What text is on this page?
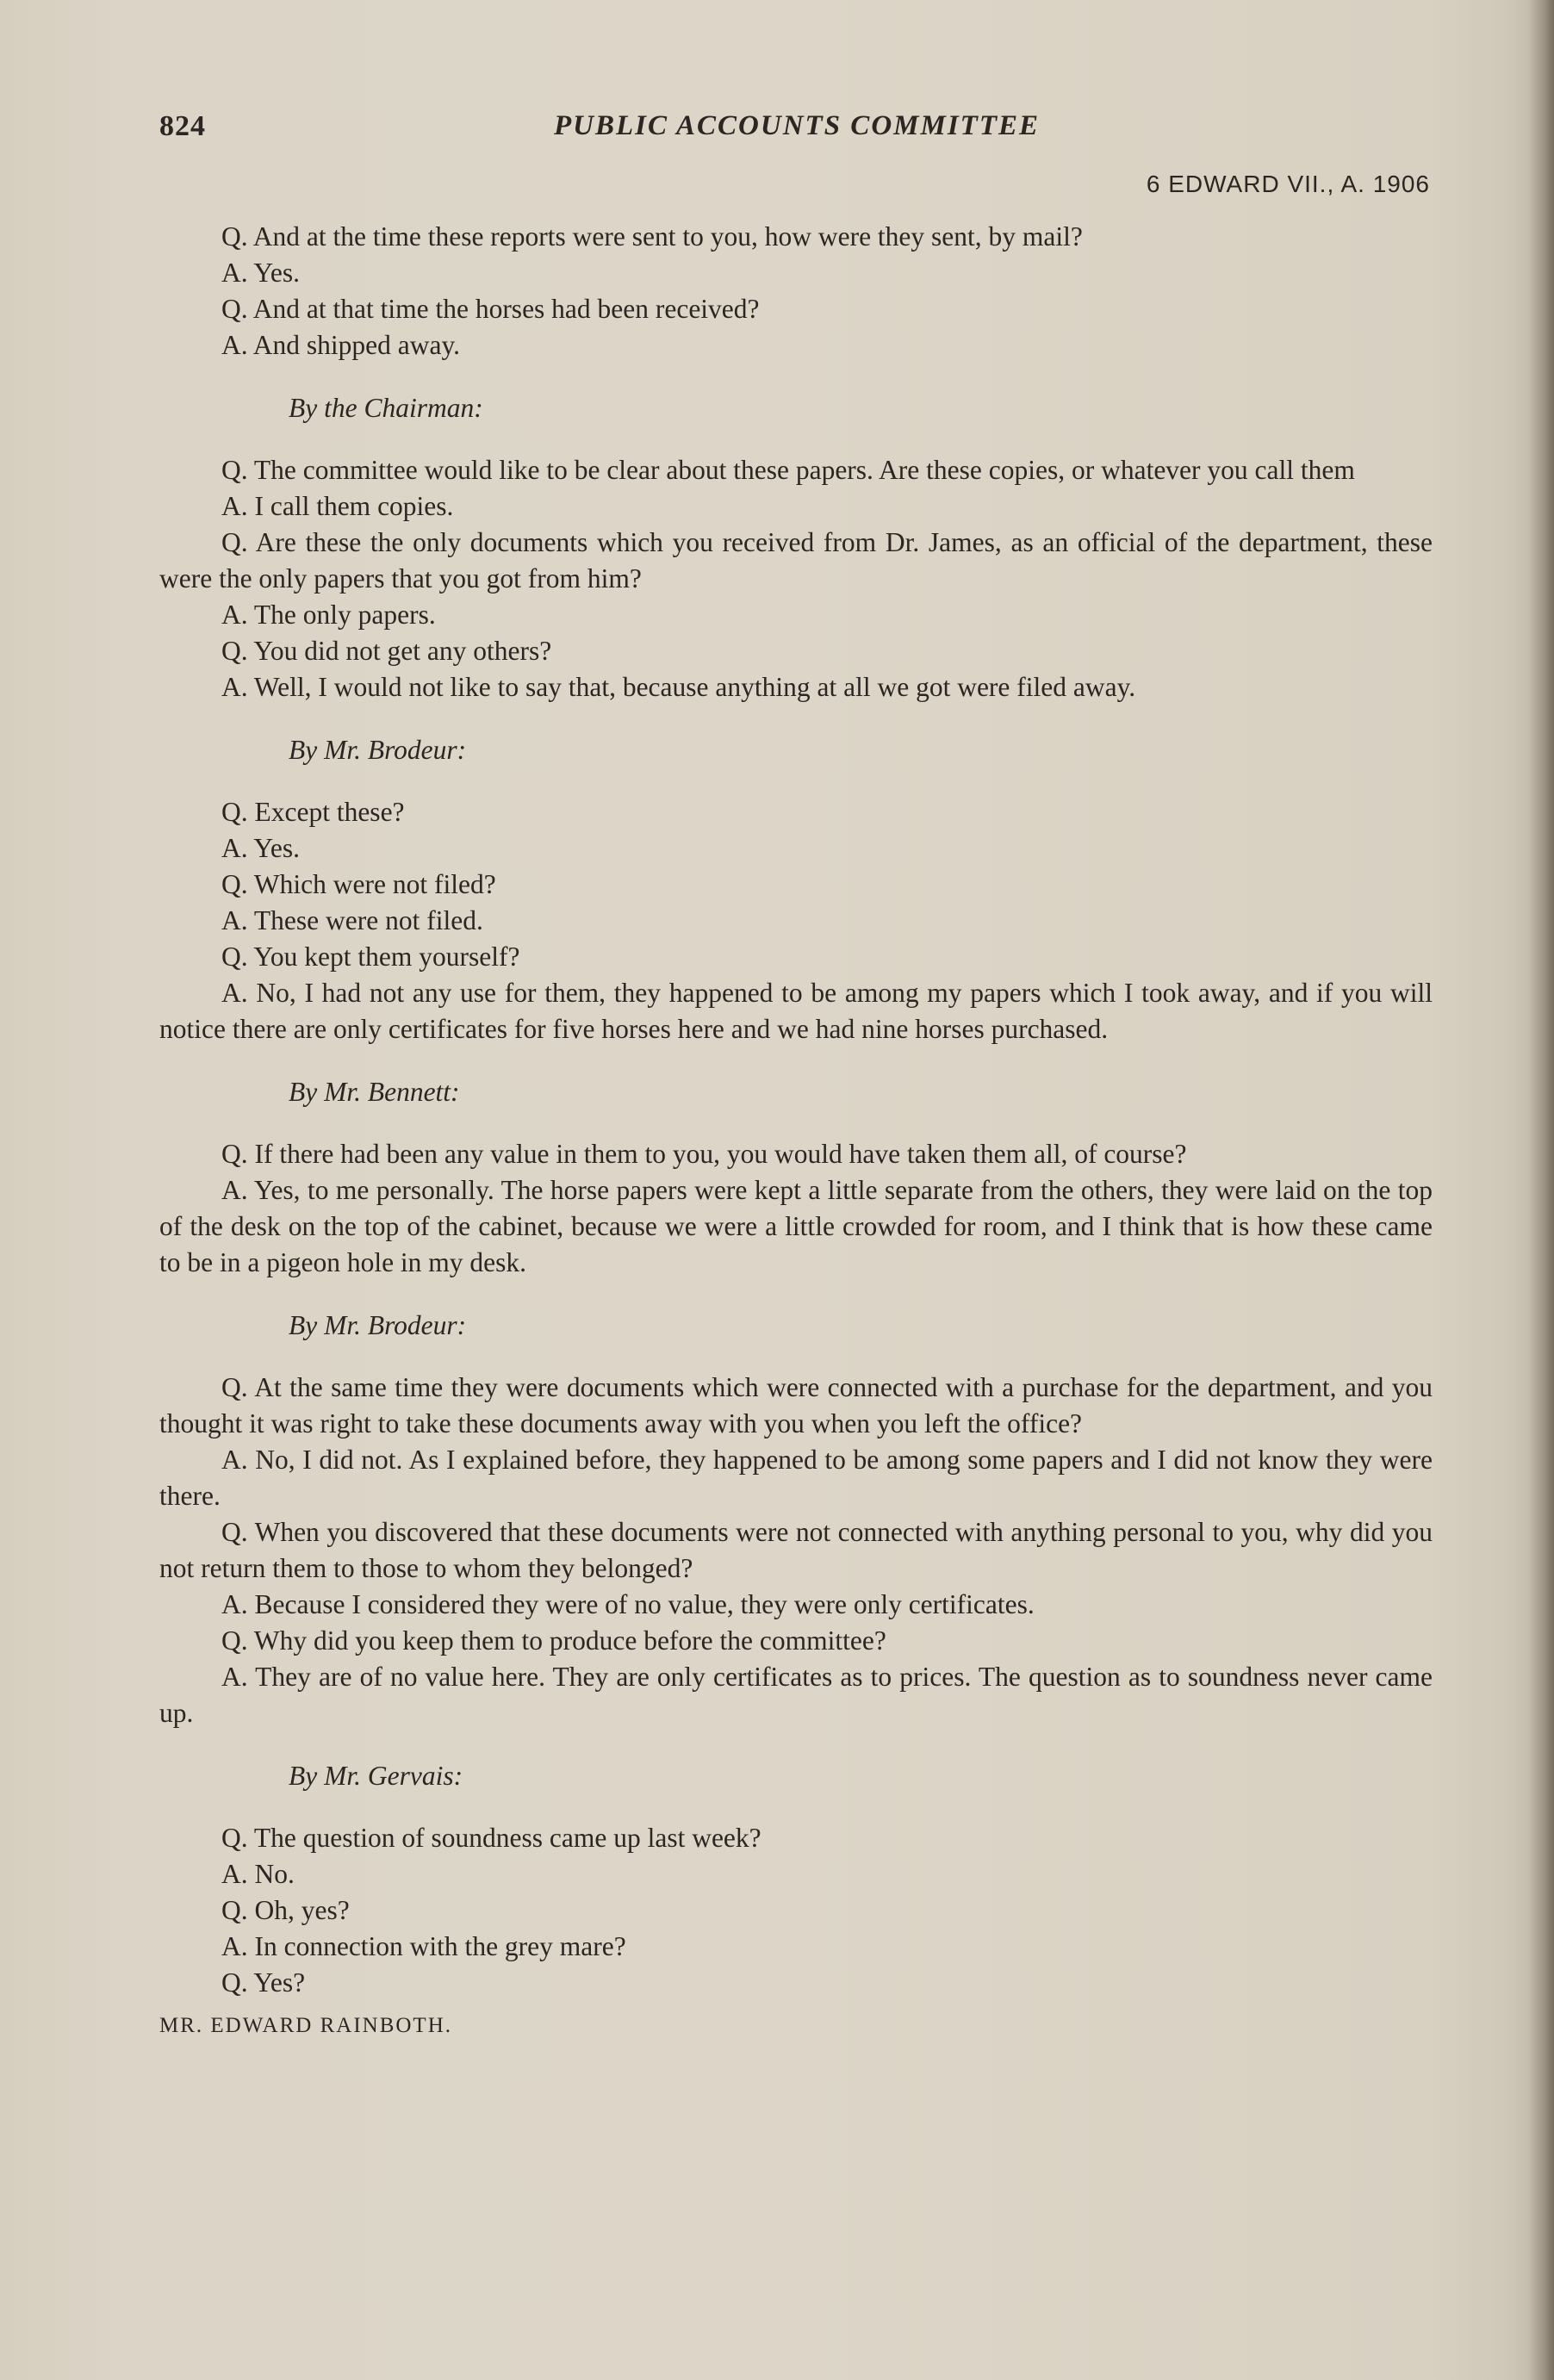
824	PUBLIC ACCOUNTS COMMITTEE
6 EDWARD VII., A. 1906
Q. And at the time these reports were sent to you, how were they sent, by mail?
A. Yes.
Q. And at that time the horses had been received?
A. And shipped away.
By the Chairman:
Q. The committee would like to be clear about these papers. Are these copies, or whatever you call them
A. I call them copies.
Q. Are these the only documents which you received from Dr. James, as an official of the department, these were the only papers that you got from him?
A. The only papers.
Q. You did not get any others?
A. Well, I would not like to say that, because anything at all we got were filed away.
By Mr. Brodeur:
Q. Except these?
A. Yes.
Q. Which were not filed?
A. These were not filed.
Q. You kept them yourself?
A. No, I had not any use for them, they happened to be among my papers which I took away, and if you will notice there are only certificates for five horses here and we had nine horses purchased.
By Mr. Bennett:
Q. If there had been any value in them to you, you would have taken them all, of course?
A. Yes, to me personally. The horse papers were kept a little separate from the others, they were laid on the top of the desk on the top of the cabinet, because we were a little crowded for room, and I think that is how these came to be in a pigeon hole in my desk.
By Mr. Brodeur:
Q. At the same time they were documents which were connected with a purchase for the department, and you thought it was right to take these documents away with you when you left the office?
A. No, I did not. As I explained before, they happened to be among some papers and I did not know they were there.
Q. When you discovered that these documents were not connected with anything personal to you, why did you not return them to those to whom they belonged?
A. Because I considered they were of no value, they were only certificates.
Q. Why did you keep them to produce before the committee?
A. They are of no value here. They are only certificates as to prices. The question as to soundness never came up.
By Mr. Gervais:
Q. The question of soundness came up last week?
A. No.
Q. Oh, yes?
A. In connection with the grey mare?
Q. Yes?
MR. EDWARD RAINBOTH.
